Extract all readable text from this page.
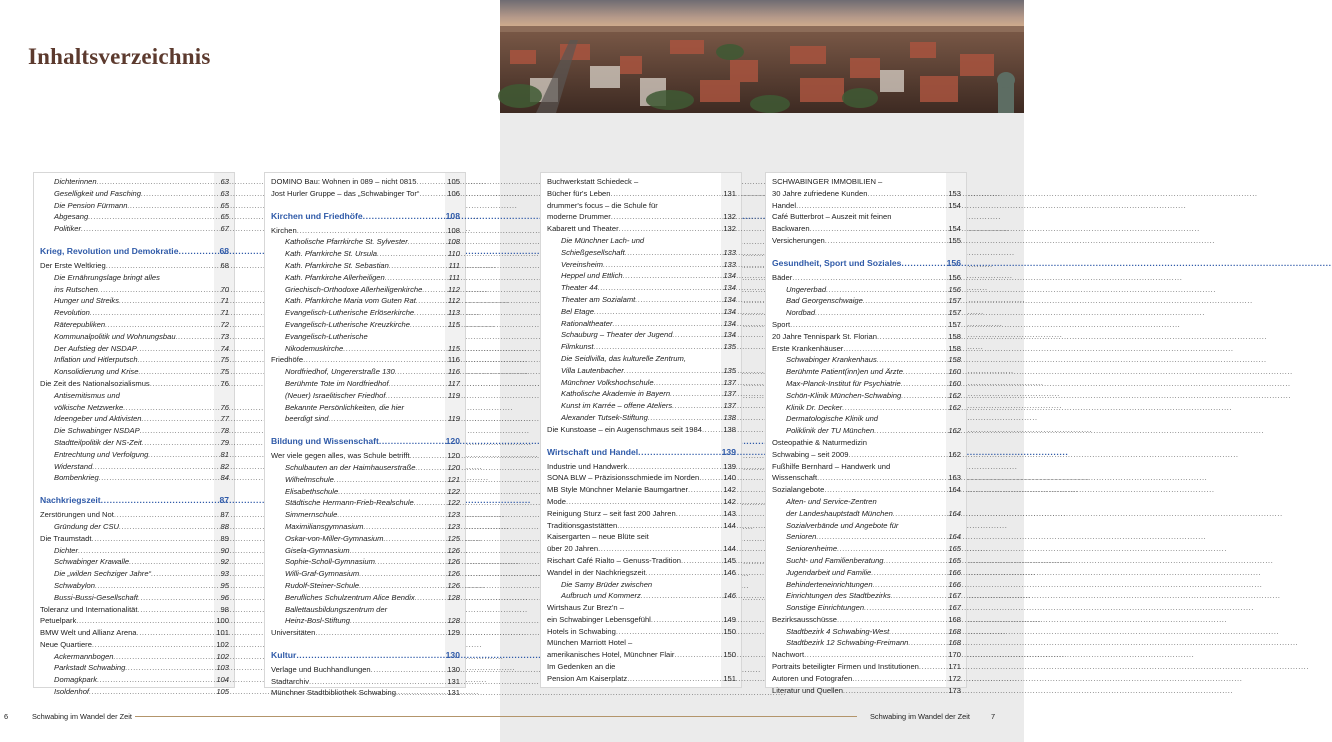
Inhaltsverzeichnis
Dichterinnen .....	63
Geselligkeit und Fasching .....	63
Die Pension Fürmann .....	65
Abgesang .....	65
Politiker .....	67
Krieg, Revolution und Demokratie .....	68
Der Erste Weltkrieg .....	68
Die Ernährungslage bringt alles
ins Rutschen .....	70
Hunger und Streiks .....	71
Revolution .....	71
Räterepubliken .....	72
Kommunalpolitik und Wohnungsbau .....	73
Der Aufstieg der NSDAP .....	74
Inflation und Hitlerputsch .....	75
Konsolidierung und Krise .....	75
Die Zeit des Nationalsozialismus .....	76
Antisemitismus und
völkische Netzwerke .....	76
Ideengeber und Aktivisten .....	77
Die Schwabinger NSDAP .....	78
Stadtteilpolitik der NS-Zeit .....	79
Entrechtung und Verfolgung .....	81
Widerstand .....	82
Bombenkrieg .....	84
Nachkriegszeit .....	87
Zerstörungen und Not .....	87
Gründung der CSU .....	88
Die Traumstadt .....	89
Dichter .....	90
Schwabinger Krawalle .....	92
Die „wilden Sechziger Jahre“ .....	93
Schwabylon .....	95
Bussi-Bussi-Gesellschaft .....	96
Toleranz und Internationalität .....	98
Petuelpark .....	100
BMW Welt und Allianz Arena .....	101
Neue Quartiere .....	102
Ackermannbogen .....	102
Parkstadt Schwabing .....	103
Domagkpark .....	104
Isoldenhof .....	105
DOMINO Bau: Wohnen in 089 – nicht 0815 .....	105
Jost Hurler Gruppe – das „Schwabinger Tor“ .....	106
Kirchen und Friedhöfe .....	108
Kirchen .....	108
Katholische Pfarrkirche St. Sylvester .....	108
Kath. Pfarrkirche St. Ursula .....	110
Kath. Pfarrkirche St. Sebastian .....	111
Kath. Pfarrkirche Allerheiligen .....	111
Griechisch-Orthodoxe Allerheiligenkirche .....	112
Kath. Pfarrkirche Maria vom Guten Rat .....	112
Evangelisch-Lutherische Erlöserkirche .....	113
Evangelisch-Lutherische Kreuzkirche .....	115
Evangelisch-Lutherische
Nikodemuskirche .....	115
Friedhöfe .....	116
Nordfriedhof, Ungererstraße 130 .....	116
Berühmte Tote im Nordfriedhof .....	117
(Neuer) Israelitischer Friedhof .....	119
Bekannte Persönlichkeiten, die hier
beerdigt sind .....	119
Bildung und Wissenschaft .....	120
Wer viele gegen alles, was Schule betrifft .....	120
Schulbauten an der Haimhauserstraße .....	120
Wilhelmschule .....	121
Elisabethschule .....	122
Städtische Hermann-Frieb-Realschule .....	122
Simmernschule .....	123
Maximiliansgymnasium .....	123
Oskar-von-Miller-Gymnasium .....	125
Gisela-Gymnasium .....	126
Sophie-Scholl-Gymnasium .....	126
Willi-Graf-Gymnasium .....	126
Rudolf-Steiner-Schule .....	126
Berufliches Schulzentrum Alice Bendix .....	128
Ballettausbildungszentrum der
Heinz-Bosl-Stiftung .....	128
Universitäten .....	129
Kultur .....	130
Verlage und Buchhandlungen .....	130
Stadtarchiv .....	131
Münchner Stadtbibliothek Schwabing .....	131
Buchwerkstatt Schiedeck –
Bücher für's Leben .....	131
drummer's focus – die Schule für
moderne Drummer .....	132
Kabarett und Theater .....	132
Die Münchner Lach- und
Schießgesellschaft .....	133
Vereinsheim .....	133
Heppel und Ettlich .....	134
Theater 44 .....	134
Theater am Sozialamt .....	134
Bel Etage .....	134
Rationaltheater .....	134
Schauburg – Theater der Jugend .....	134
Filmkunst .....	135
Die Seidlvilla, das kulturelle Zentrum,
Villa Lautenbacher .....	135
Münchner Volkshochschule .....	137
Katholische Akademie in Bayern .....	137
Kunst im Karrée – offene Ateliers .....	137
Alexander Tutsek-Stiftung .....	138
Die Kunstoase – ein Augenschmaus seit 1984 .....	138
Wirtschaft und Handel .....	139
Industrie und Handwerk .....	139
SONA BLW – Präzisionsschmiede im Norden .....	140
MB Style Münchner Melanie Baumgartner .....	142
Mode .....	142
Reinigung Sturz – seit fast 200 Jahren .....	143
Traditionsgaststätten .....	144
Kaisergarten – neue Blüte seit
über 20 Jahren .....	144
Rischart Café Rialto – Genuss-Tradition .....	145
Wandel in der Nachkriegszeit .....	146
Die Samy Brüder zwischen
Aufbruch und Kommerz .....	146
Wirtshaus Zur Brez'n –
ein Schwabinger Lebensgefühl .....	149
Hotels in Schwabing .....	150
München Marriott Hotel –
amerikanisches Hotel, Münchner Flair .....	150
Im Gedenken an die
Pension Am Kaiserplatz .....	151
SCHWABINGER IMMOBILIEN –
30 Jahre zufriedene Kunden .....	153
Handel .....	154
Café Butterbrot – Auszeit mit feinen
Backwaren .....	154
Versicherungen .....	155
Gesundheit, Sport und Soziales .....	156
Bäder .....	156
Ungererbad .....	156
Bad Georgenschwaige .....	157
Nordbad .....	157
Sport .....	157
20 Jahre Tennispark St. Florian .....	158
Erste Krankenhäuser .....	158
Schwabinger Krankenhaus .....	158
Berühmte Patient(inn)en und Ärzte .....	160
Max-Planck-Institut für Psychiatrie .....	160
Schön-Klinik München-Schwabing .....	162
Klinik Dr. Decker .....	162
Dermatologische Klinik und
Poliklinik der TU München .....	162
Osteopathie & Naturmedizin
Schwabing – seit 2009 .....	162
Fußhilfe Bernhard – Handwerk und
Wissenschaft .....	163
Sozialangebote .....	164
Alten- und Service-Zentren
der Landeshauptstadt München .....	164
Sozialverbände und Angebote für
Senioren .....	164
Seniorenheime .....	165
Sucht- und Familienberatung .....	165
Jugendarbeit und Familie .....	166
Behinderteneinrichtungen .....	166
Einrichtungen des Stadtbezirks .....	167
Sonstige Einrichtungen .....	167
Bezirksausschüsse .....	168
Stadtbezirk 4 Schwabing-West .....	168
Stadtbezirk 12 Schwabing-Freimann .....	168
Nachwort .....	170
Portraits beteiligter Firmen und Institutionen .....	171
Autoren und Fotografen .....	172
Literatur und Quellen .....	173
6	Schwabing im Wandel der Zeit	Schwabing im Wandel der Zeit	7
